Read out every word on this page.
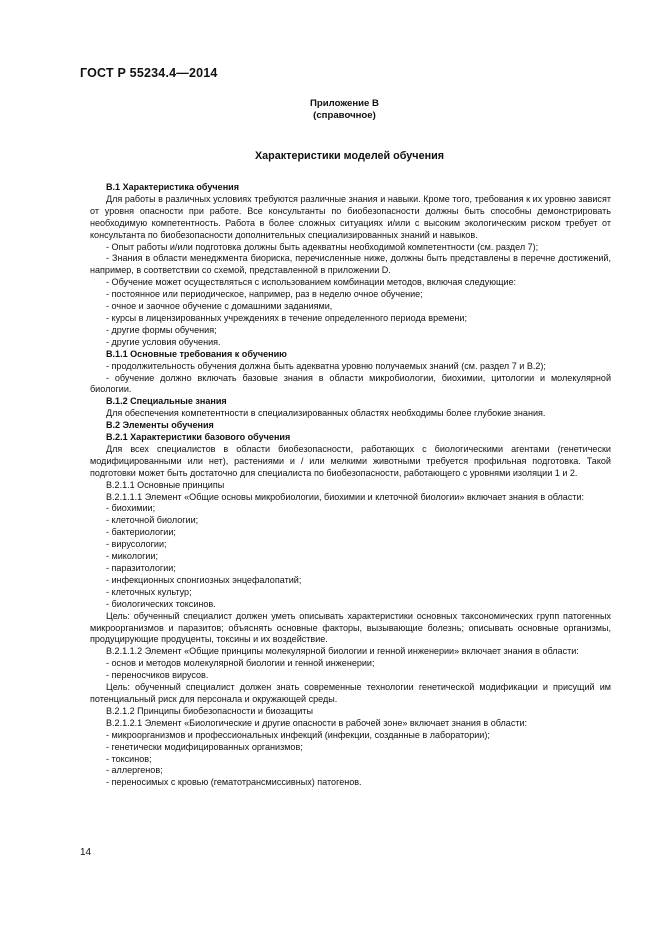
ГОСТ Р 55234.4—2014
Приложение В
(справочное)
Характеристики моделей обучения

В.1 Характеристика обучения

Для работы в различных условиях требуются различные знания и навыки. Кроме того, требования к их уровню зависят от уровня опасности при работе. Все консультанты по биобезопасности должны быть способны демонстрировать необходимую компетентность. Работа в более сложных ситуациях и/или с высоким экологическим риском требует от консультанта по биобезопасности дополнительных специализированных знаний и навыков.

- Опыт работы и/или подготовка должны быть адекватны необходимой компетентности (см. раздел 7);

- Знания в области менеджмента биориска, перечисленные ниже, должны быть представлены в перечне достижений, например, в соответствии со схемой, представленной в приложении D.

- Обучение может осуществляться с использованием комбинации методов, включая следующие:

- постоянное или периодическое, например, раз в неделю очное обучение;

- очное и заочное обучение с домашними заданиями,

- курсы в лицензированных учреждениях в течение определенного периода времени;

- другие формы обучения;

- другие условия обучения.

В.1.1 Основные требования к обучению

- продолжительность обучения должна быть адекватна уровню получаемых знаний (см. раздел 7 и В.2);

- обучение должно включать базовые знания в области микробиологии, биохимии, цитологии и молекулярной биологии.

В.1.2 Специальные знания

Для обеспечения компетентности в специализированных областях необходимы более глубокие знания.

В.2 Элементы обучения

В.2.1 Характеристики базового обучения

Для всех специалистов в области биобезопасности, работающих с биологическими агентами (генетически модифицированными или нет), растениями и / или мелкими животными требуется профильная подготовка. Такой подготовки может быть достаточно для специалиста по биобезопасности, работающего с уровнями изоляции 1 и 2.

В.2.1.1 Основные принципы

В.2.1.1.1 Элемент «Общие основы микробиологии, биохимии и клеточной биологии» включает знания в области:

- биохимии;

- клеточной биологии;

- бактериологии;

- вирусологии;

- микологии;

- паразитологии;

- инфекционных спонгиозных энцефалопатий;

- клеточных культур;

- биологических токсинов.

Цель: обученный специалист должен уметь описывать характеристики основных таксономических групп патогенных микроорганизмов и паразитов; объяснять основные факторы, вызывающие болезнь; описывать основные организмы, продуцирующие продуценты, токсины и их воздействие.

В.2.1.1.2 Элемент «Общие принципы молекулярной биологии и генной инженерии» включает знания в области:

- основ и методов молекулярной биологии и генной инженерии;

- переносчиков вирусов.

Цель: обученный специалист должен знать современные технологии генетической модификации и присущий им потенциальный риск для персонала и окружающей среды.

В.2.1.2 Принципы биобезопасности и биозащиты

В.2.1.2.1 Элемент «Биологические и другие опасности в рабочей зоне» включает знания в области:

- микроорганизмов и профессиональных инфекций (инфекции, созданные в лаборатории);

- генетически модифицированных организмов;

- токсинов;

- аллергенов;

- переносимых с кровью (гематотрансмиссивных) патогенов.

14
